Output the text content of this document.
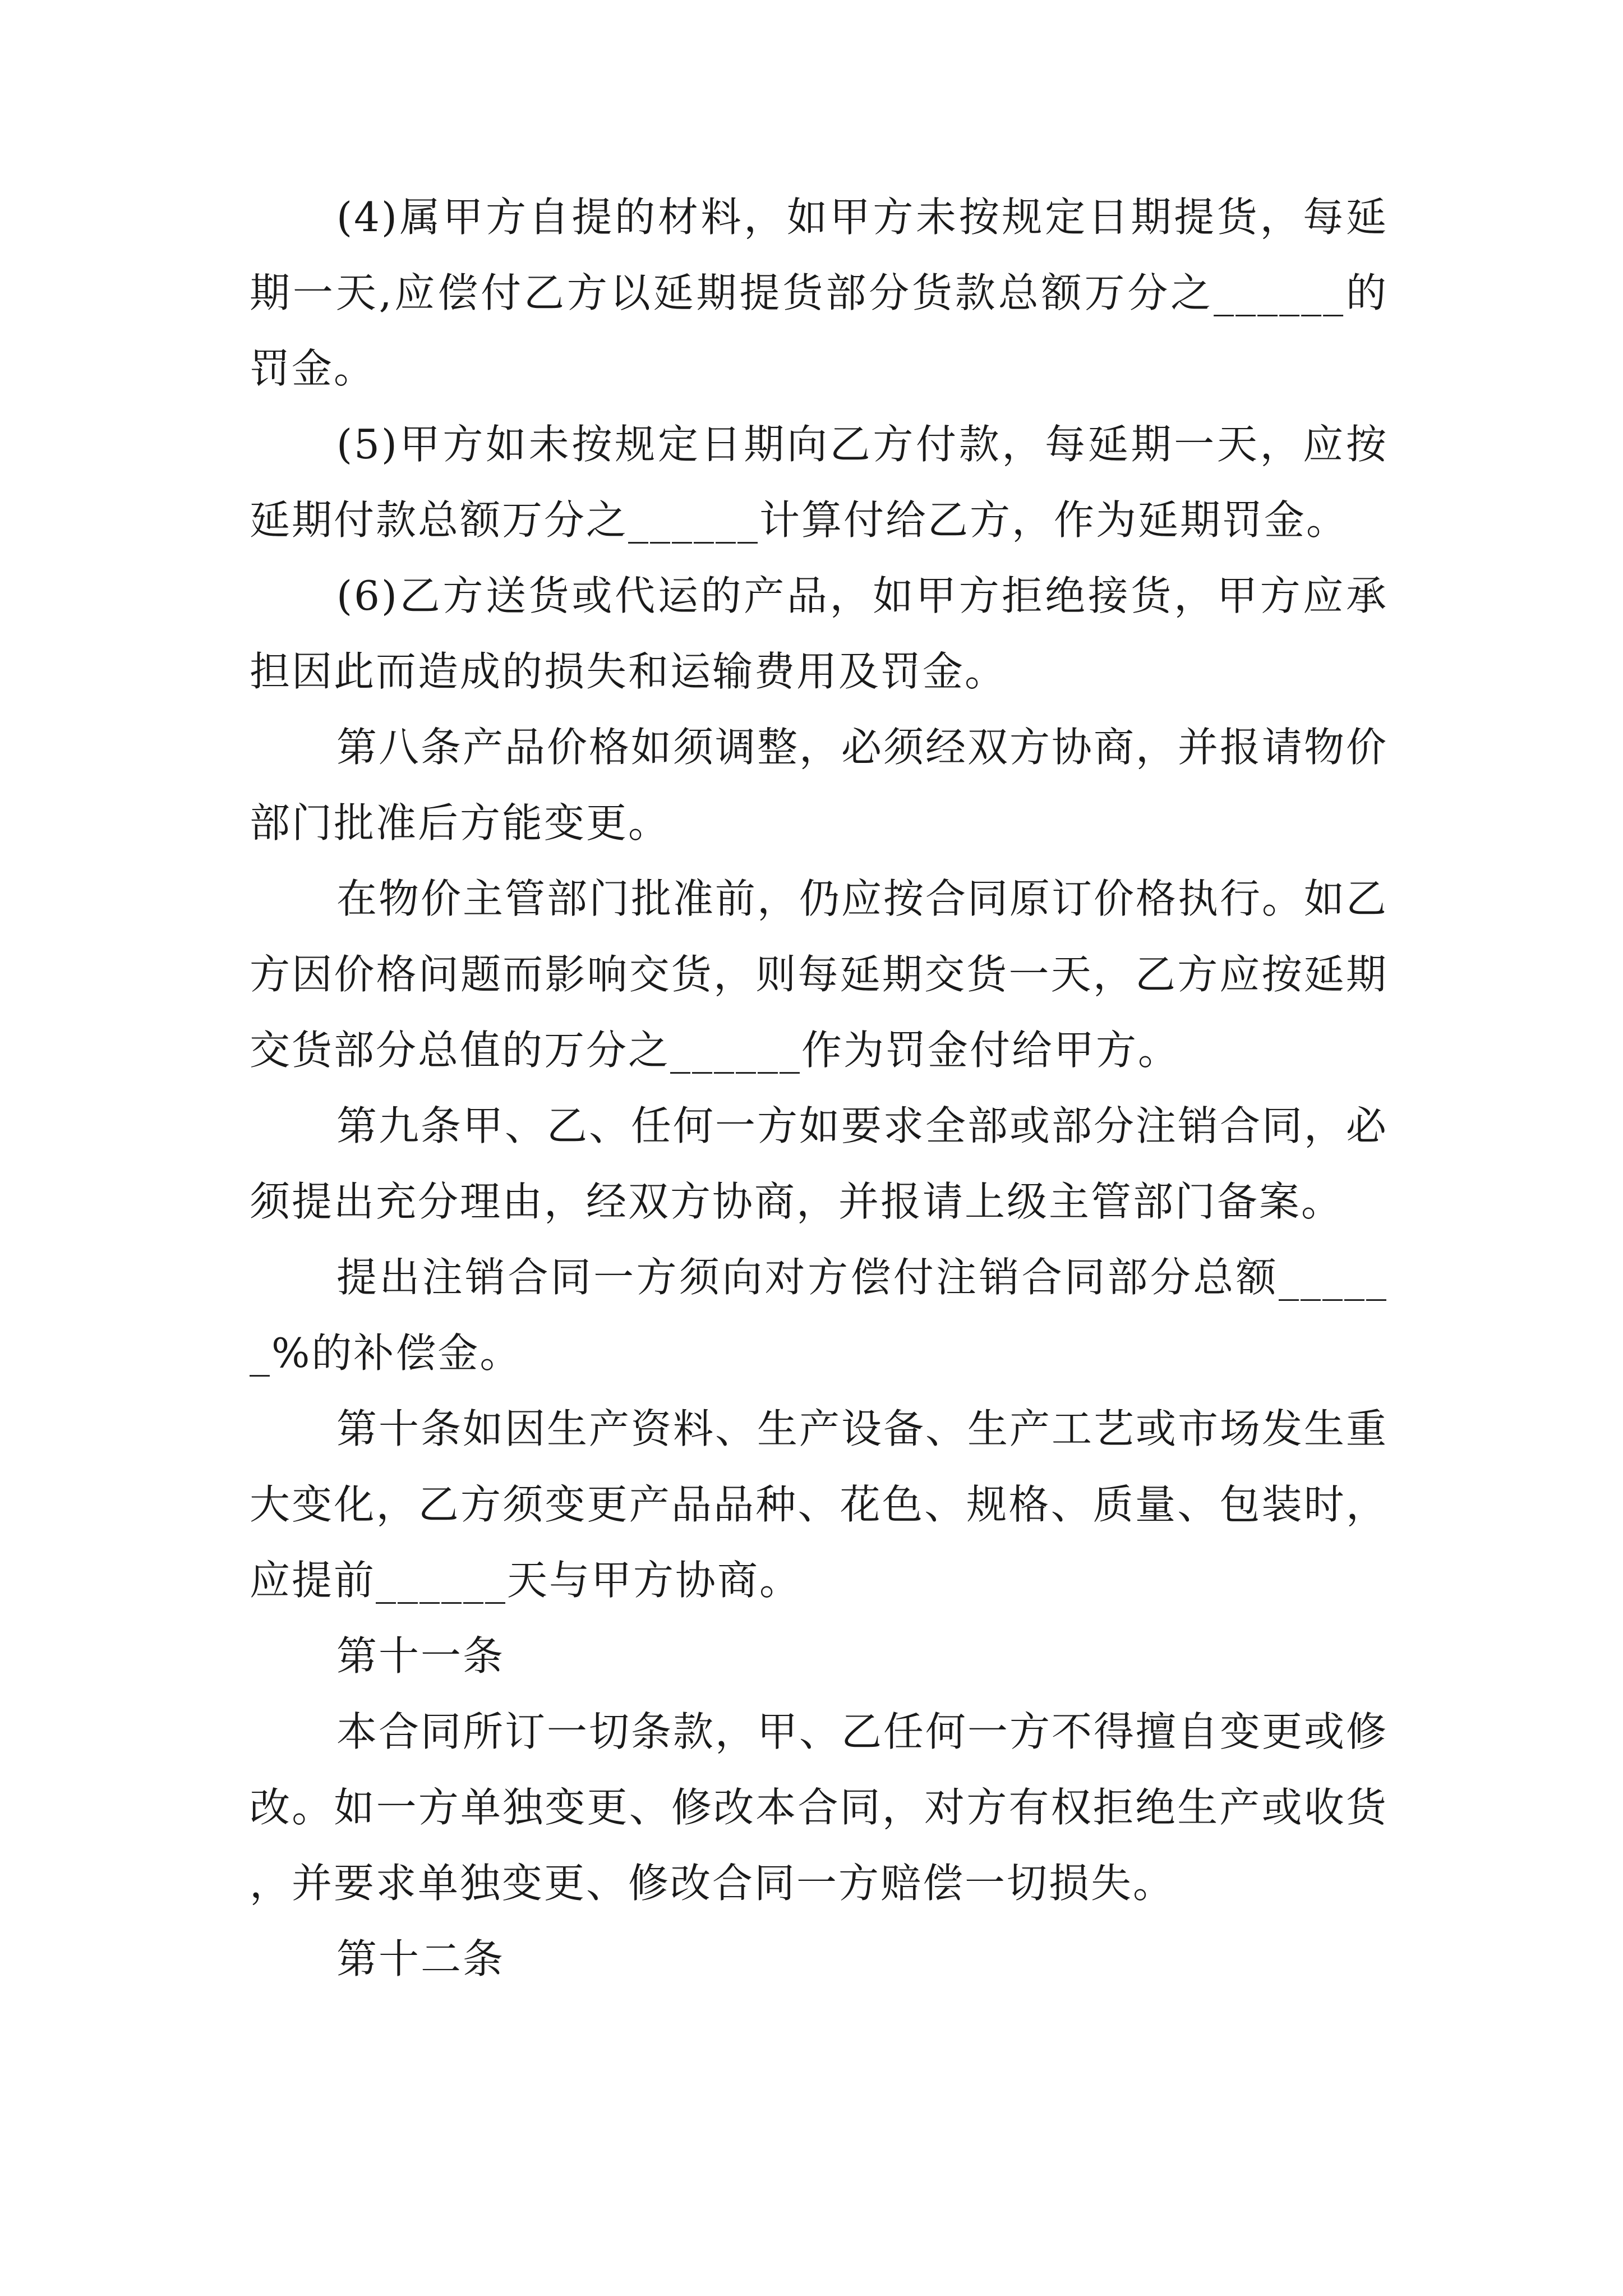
(4)属甲方自提的材料，如甲方未按规定日期提货，每延期一天,应偿付乙方以延期提货部分货款总额万分之______的罚金。

(5)甲方如未按规定日期向乙方付款，每延期一天，应按延期付款总额万分之______计算付给乙方，作为延期罚金。

(6)乙方送货或代运的产品，如甲方拒绝接货，甲方应承担因此而造成的损失和运输费用及罚金。

第八条产品价格如须调整，必须经双方协商，并报请物价部门批准后方能变更。

在物价主管部门批准前，仍应按合同原订价格执行。如乙方因价格问题而影响交货，则每延期交货一天，乙方应按延期交货部分总值的万分之______作为罚金付给甲方。

第九条甲、乙、任何一方如要求全部或部分注销合同，必须提出充分理由，经双方协商，并报请上级主管部门备案。

提出注销合同一方须向对方偿付注销合同部分总额______%的补偿金。

第十条如因生产资料、生产设备、生产工艺或市场发生重大变化，乙方须变更产品品种、花色、规格、质量、包装时，应提前______天与甲方协商。

第十一条

本合同所订一切条款，甲、乙任何一方不得擅自变更或修改。如一方单独变更、修改本合同，对方有权拒绝生产或收货，并要求单独变更、修改合同一方赔偿一切损失。

第十二条
